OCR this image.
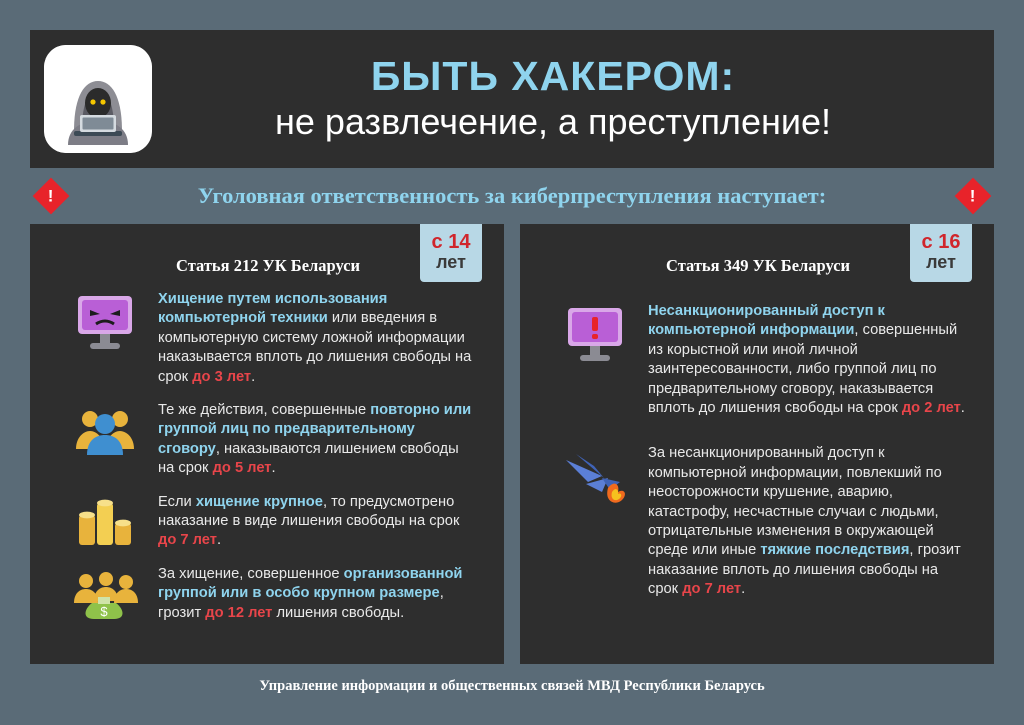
БЫТЬ ХАКЕРОМ:
не развлечение, а преступление!
!	Уголовная ответственность за киберпреступления наступает:	!
с 14
лет
Статья 212 УК Беларуси
Хищение путем использования компьютерной техники или введения в компьютерную систему ложной информации наказывается вплоть до лишения свободы на срок до 3 лет.
Те же действия, совершенные повторно или группой лиц по предварительному сговору, наказываются лишением свободы на срок до 5 лет.
Если хищение крупное, то предусмотрено наказание в виде лишения свободы на срок до 7 лет.
$
За хищение, совершенное организованной группой или в особо крупном размере, грозит до 12 лет лишения свободы.
с 16
лет
Статья 349 УК Беларуси
Несанкционированный доступ к компьютерной информации, совершенный из корыстной или иной личной заинтересованности, либо группой лиц по предварительному сговору, наказывается вплоть до лишения свободы на срок до 2 лет.
За несанкционированный доступ к компьютерной информации, повлекший по неосторожности крушение, аварию, катастрофу, несчастные случаи с людьми, отрицательные изменения в окружающей среде или иные тяжкие последствия, грозит наказание вплоть до лишения свободы на срок до 7 лет.
Управление информации и общественных связей МВД Республики Беларусь
